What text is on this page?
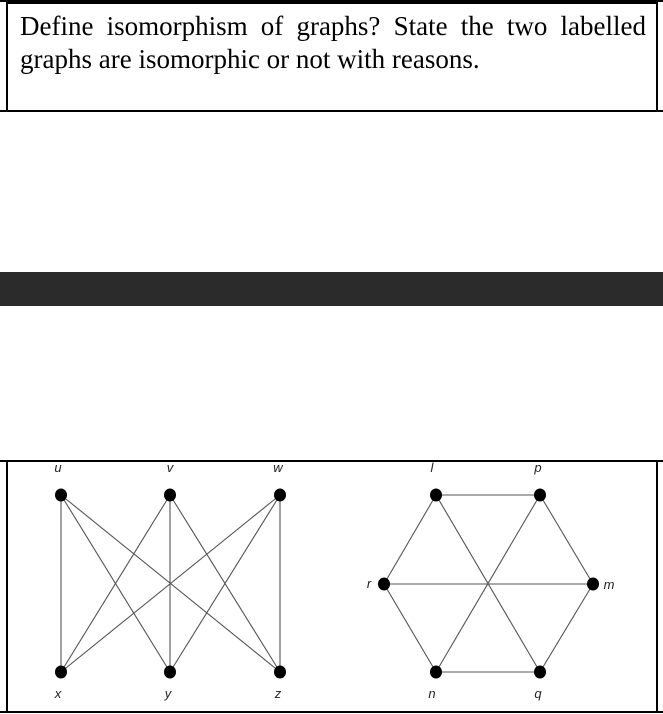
Define isomorphism of graphs? State the two labelled graphs are isomorphic or not with reasons.
u	v	w
x	y	z
l	p
r	m
n	q
